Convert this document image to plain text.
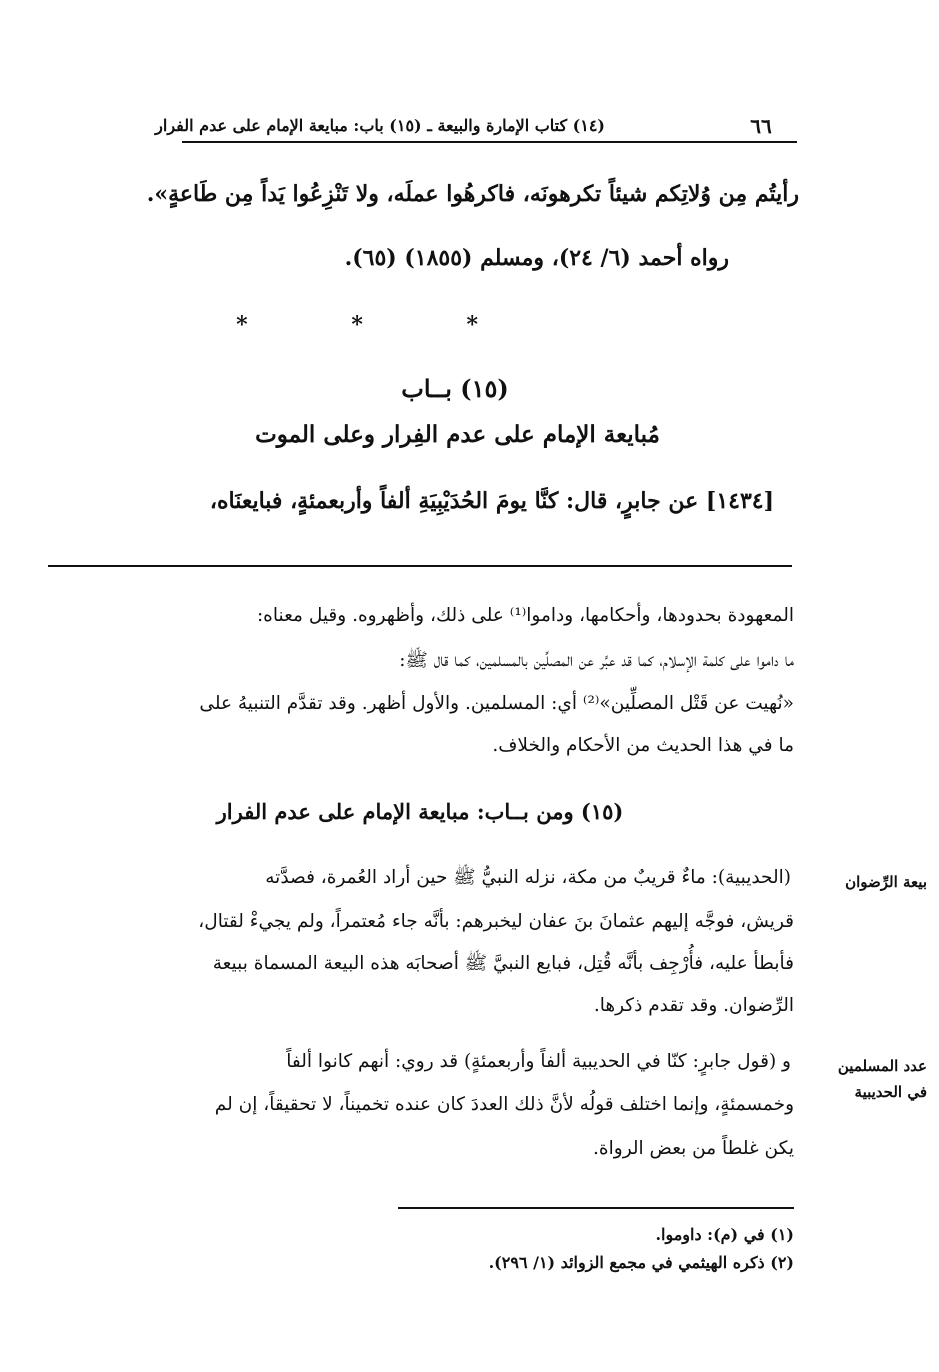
٦٦
(١٤) كتاب الإمارة والبيعة ـ (١٥) باب: مبايعة الإمام على عدم الفرار
رأيتُم مِن وُلاتِكم شيئاً تكرهونَه، فاكرهُوا عملَه، ولا تَنْزِعُوا يَداً مِن طَاعةٍ».
رواه أحمد (٦/ ٢٤)، ومسلم (١٨٥٥) (٦٥).
* * *
(١٥) بــاب
مُبايعة الإمام على عدم الفِرار وعلى الموت
[١٤٣٤] عن جابرٍ، قال: كنَّا يومَ الحُدَيْبِيَةِ ألفاً وأربعمئةٍ، فبايعنَاه،
المعهودة بحدودها، وأحكامها، وداموا⁽¹⁾ على ذلك، وأظهروه. وقيل معناه:
ما داموا على كلمة الإسلام، كما قد عبَّر عن المصلِّين بالمسلمين، كما قال ﷺ:
«نُهيت عن قَتْل المصلِّين»⁽²⁾ أي: المسلمين. والأول أظهر. وقد تقدَّم التنبيهُ على
ما في هذا الحديث من الأحكام والخلاف.
(١٥) ومن بــاب: مبايعة الإمام على عدم الفرار
بيعة الرِّضوان
(الحديبية): ماءٌ قريبٌ من مكة، نزله النبيُّ ﷺ حين أراد العُمرة، فصدَّته
قريش، فوجَّه إليهم عثمانَ بنَ عفان ليخبرهم: بأنَّه جاء مُعتمراً، ولم يجيءْ لقتال،
فأبطأ عليه، فأُرْجِف بأنَّه قُتِل، فبايع النبيَّ ﷺ أصحابَه هذه البيعة المسماة ببيعة
الرِّضوان. وقد تقدم ذكرها.
عدد المسلمين
في الحديبية
و (قول جابرٍ: كنّا في الحديبية ألفاً وأربعمئةٍ) قد روي: أنهم كانوا ألفاً
وخمسمئةٍ، وإنما اختلف قولُه لأنَّ ذلك العددَ كان عنده تخميناً، لا تحقيقاً، إن لم
يكن غلطاً من بعض الرواة.
(١) في (م): داوموا.
(٢) ذكره الهيثمي في مجمع الزوائد (١/ ٢٩٦).
